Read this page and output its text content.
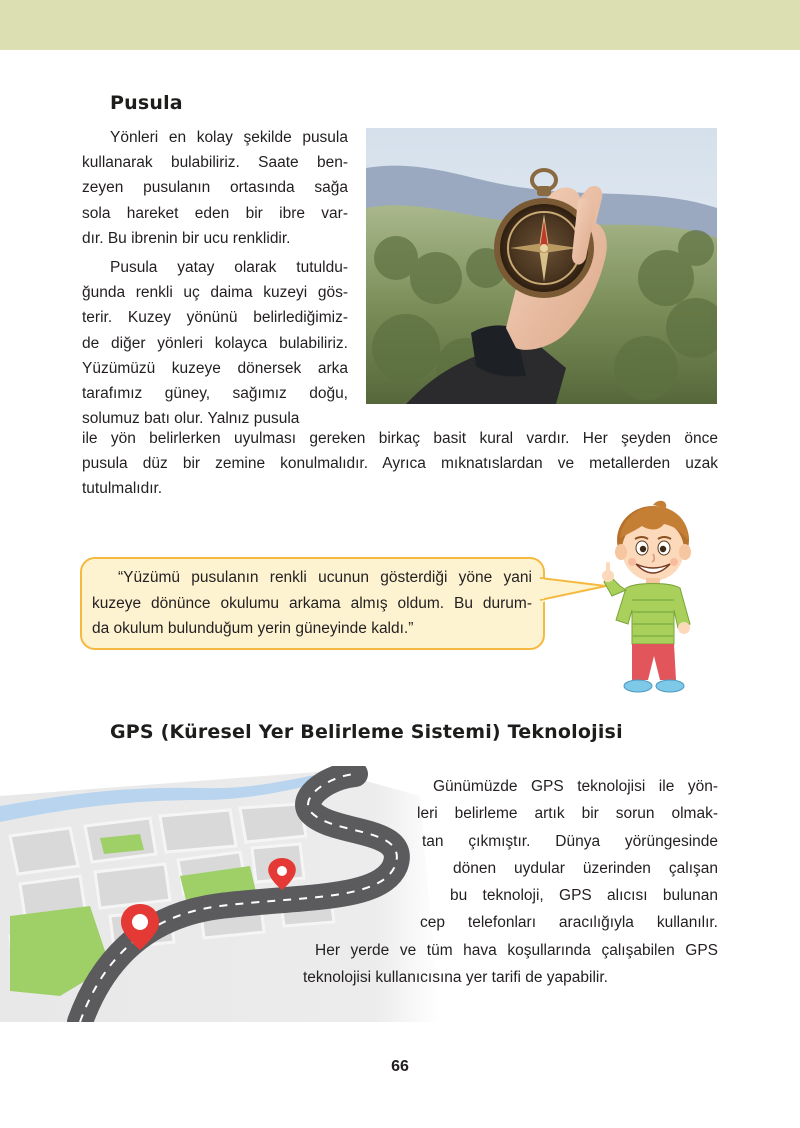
Pusula
Yönleri en kolay şekilde pusula
kullanarak bulabiliriz. Saate ben-
zeyen pusulanın ortasında sağa
sola hareket eden bir ibre var-
dır. Bu ibrenin bir ucu renklidir.
Pusula yatay olarak tutuldu-
ğunda renkli uç daima kuzeyi gös-
terir. Kuzey yönünü belirlediğimiz-
de diğer yönleri kolayca bulabiliriz.
Yüzümüzü kuzeye dönersek arka
tarafımız güney, sağımız doğu,
solumuz batı olur. Yalnız pusula
ile yön belirlerken uyulması gereken birkaç basit kural vardır. Her şeyden önce
pusula düz bir zemine konulmalıdır. Ayrıca mıknatıslardan ve metallerden uzak
tutulmalıdır.
“Yüzümü pusulanın renkli ucunun gösterdiği yöne yani
kuzeye dönünce okulumu arkama almış oldum. Bu durum-
da okulum bulunduğum yerin güneyinde kaldı.”
GPS (Küresel Yer Belirleme Sistemi) Teknolojisi
Günümüzde GPS teknolojisi ile yön-
leri belirleme artık bir sorun olmak-
tan çıkmıştır. Dünya yörüngesinde
dönen uydular üzerinden çalışan
bu teknoloji, GPS alıcısı bulunan
cep telefonları aracılığıyla kullanılır.
Her yerde ve tüm hava koşullarında çalışabilen GPS
teknolojisi kullanıcısına yer tarifi de yapabilir.

66
